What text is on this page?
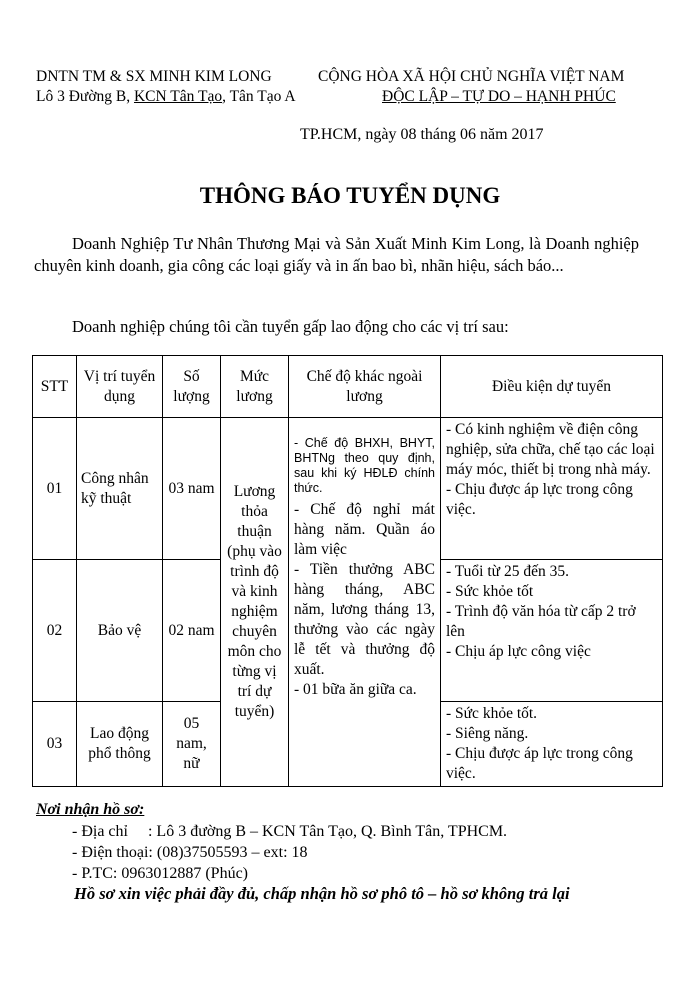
DNTN TM & SX MINH KIM LONG
Lô 3 Đường B, KCN Tân Tạo, Tân Tạo A
CỘNG HÒA XÃ HỘI CHỦ NGHĨA VIỆT NAM
ĐỘC LẬP – TỰ DO – HẠNH PHÚC
TP.HCM, ngày 08 tháng 06 năm 2017
THÔNG BÁO TUYỂN DỤNG
Doanh Nghiệp Tư Nhân Thương Mại và Sản Xuất Minh Kim Long, là Doanh nghiệp chuyên kinh doanh, gia công các loại giấy và in ấn bao bì, nhãn hiệu, sách báo...
Doanh nghiệp chúng tôi cần tuyển gấp lao động cho các vị trí sau:
STT	Vị trí tuyển dụng	Số lượng	Mức lương	Chế độ khác ngoài lương	Điều kiện dự tuyển
01	Công nhân kỹ thuật	03 nam	Lương thỏa thuận (phụ vào trình độ và kinh nghiệm chuyên môn cho từng vị trí dự tuyển)	- Chế độ BHXH, BHYT, BHTNg theo quy định, sau khi ký HĐLĐ chính thức.
- Chế độ nghỉ mát hàng năm. Quần áo làm việc
- Tiền thưởng ABC hàng tháng, ABC năm, lương tháng 13, thưởng vào các ngày lễ tết và thưởng độ xuất.
- 01 bữa ăn giữa ca.	- Có kinh nghiệm về điện công nghiệp, sửa chữa, chế tạo các loại máy móc, thiết bị trong nhà máy.
- Chịu được áp lực trong công việc.

02	Bảo vệ	02 nam			- Tuổi từ 25 đến 35.
- Sức khỏe tốt
- Trình độ văn hóa từ cấp 2 trở lên
- Chịu áp lực công việc

03	Lao động phổ thông	05 nam, nữ			- Sức khỏe tốt.
- Siêng năng.
- Chịu được áp lực trong công việc.
Nơi nhận hồ sơ:
- Địa chỉ     : Lô 3 đường B – KCN Tân Tạo, Q. Bình Tân, TPHCM.
- Điện thoại: (08)37505593 – ext: 18
- P.TC: 0963012887 (Phúc)
Hồ sơ xin việc phải đầy đủ, chấp nhận hồ sơ phô tô – hồ sơ không trả lại
